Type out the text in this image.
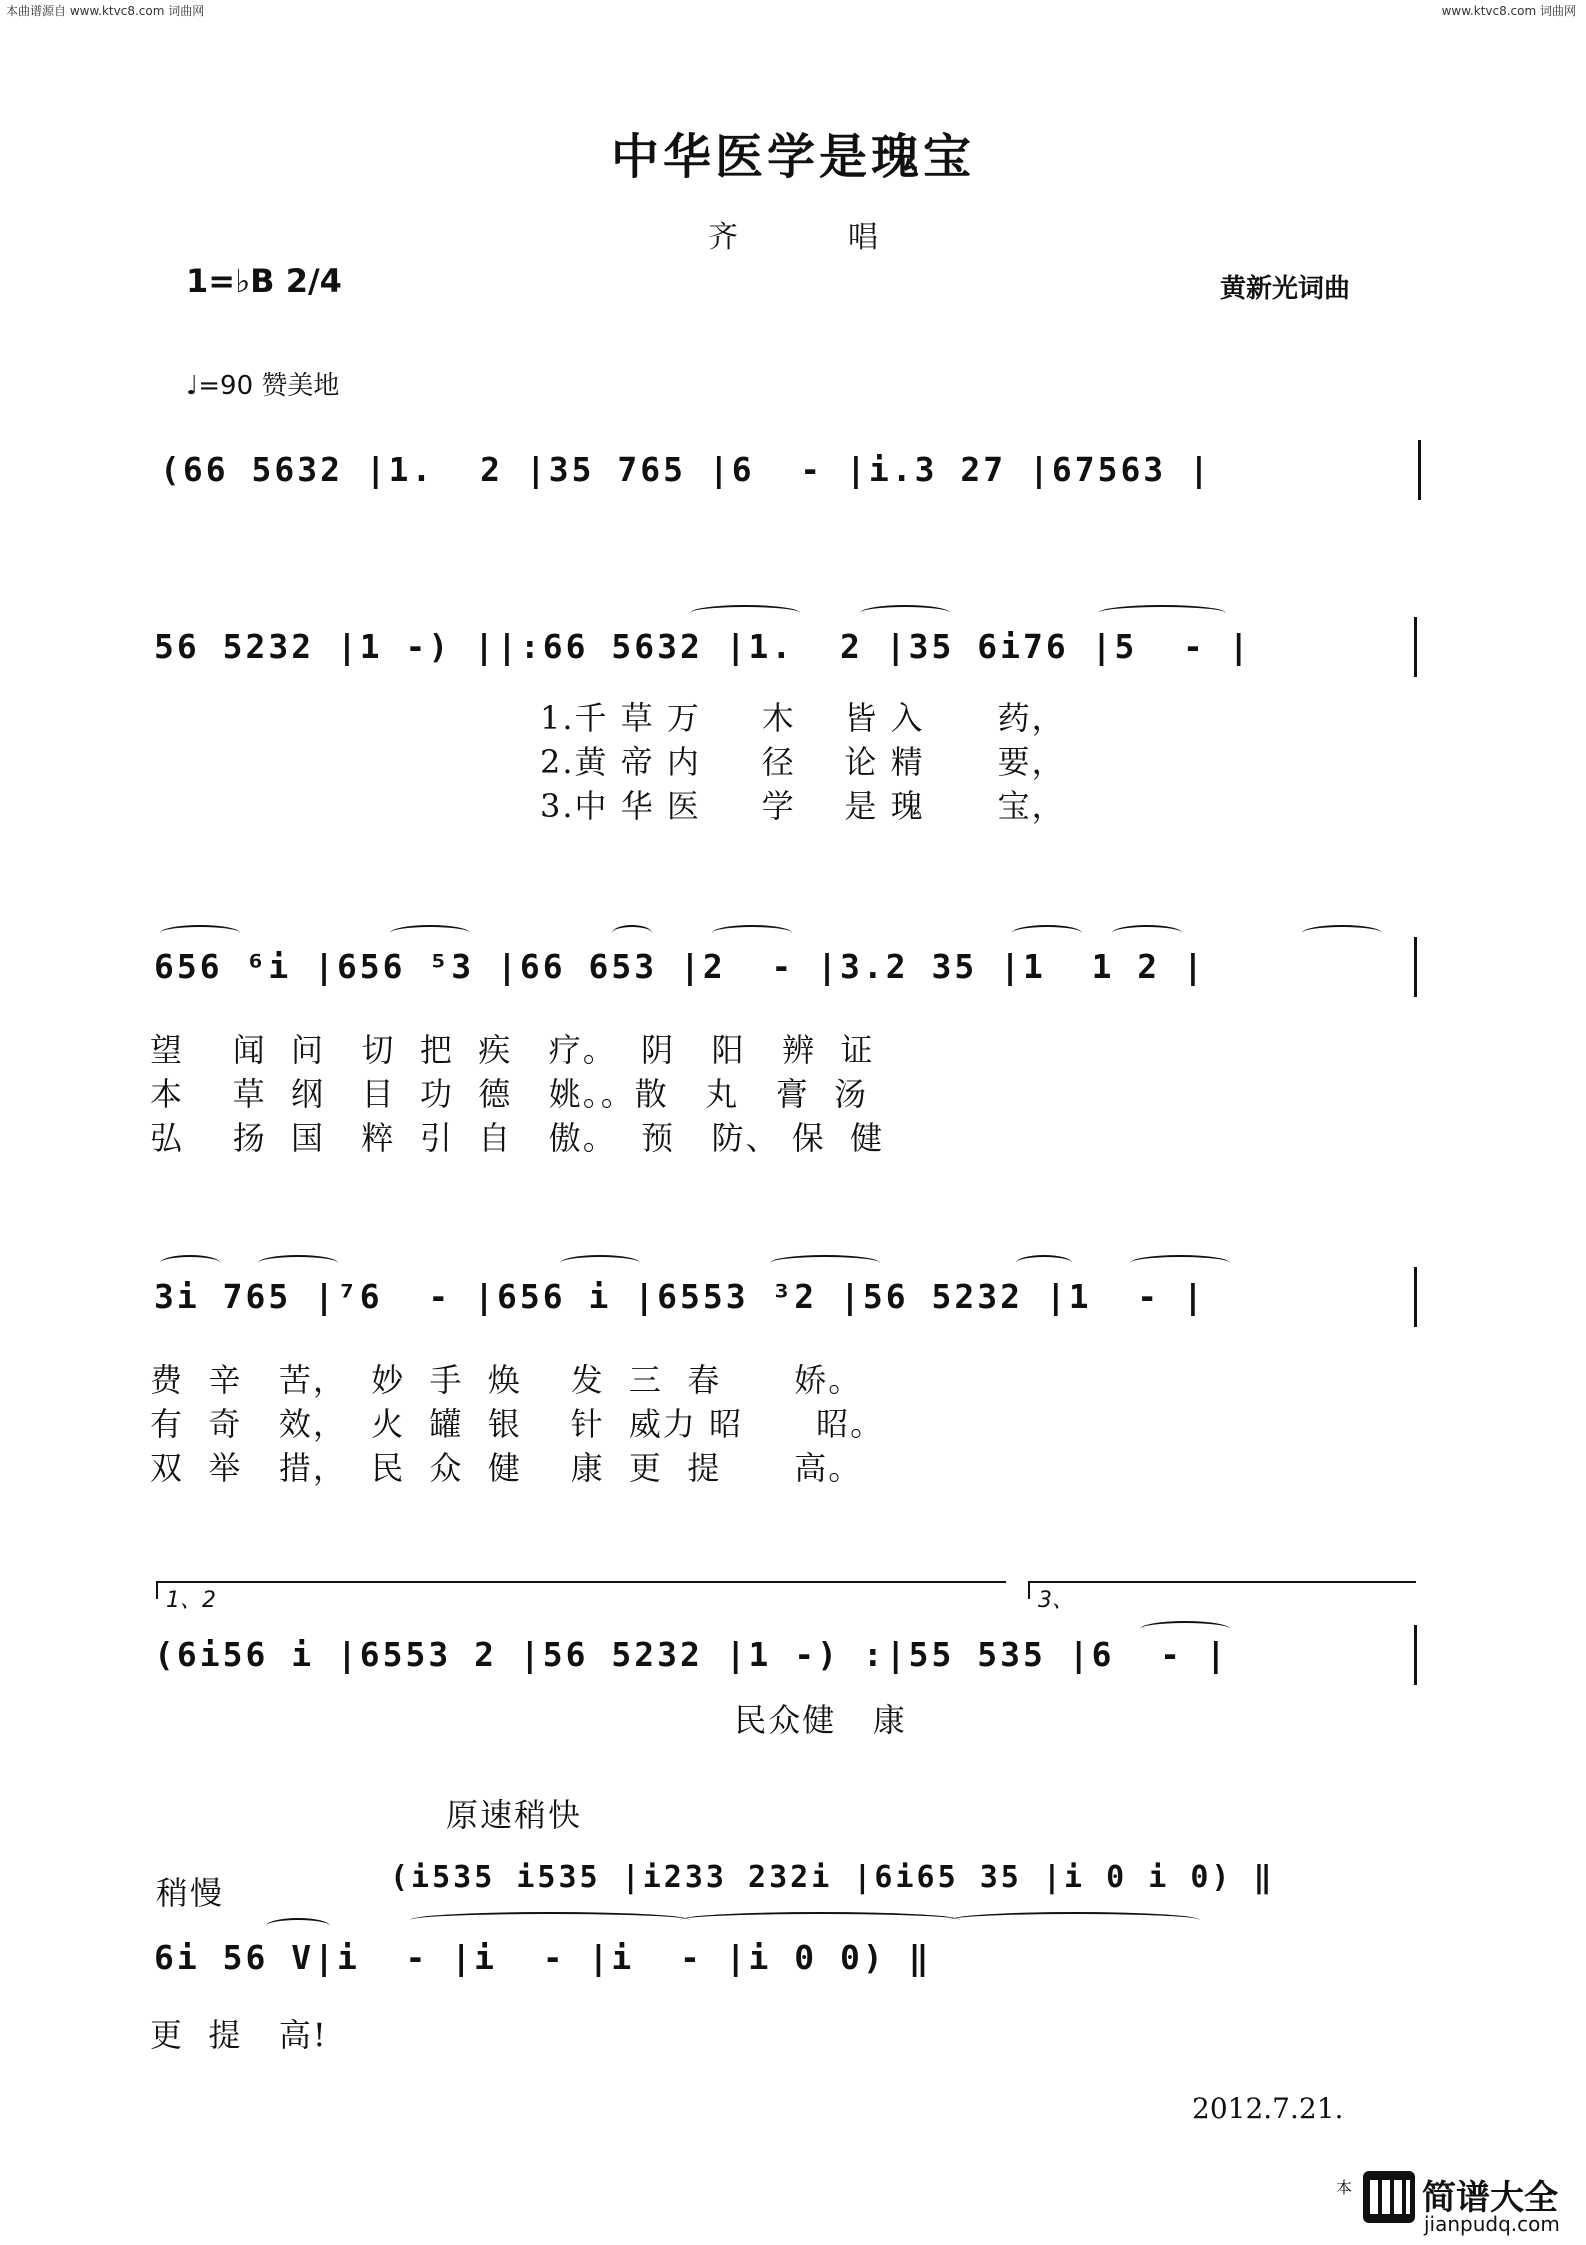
本曲谱源自 www.ktvc8.com 词曲网	www.ktvc8.com 词曲网
中华医学是瑰宝
齐唱
1=♭B 2/4	黄新光词曲
♩=90 赞美地
(66 5632 |1.  2 |35 765 |6  - |i.3 27 |67563 |
56 5232 |1 -) ||:66 5632 |1.  2 |35 6i76 |5  - |
1.千 草 万     木    皆 入      药，
2.黄 帝 内     径    论 精      要，
3.中 华 医     学    是 瑰      宝，
656 ⁶i |656 ⁵3 |66 653 |2  - |3.2 35 |1  1 2 |
望    闻  问   切  把  疾   疗。  阴   阳   辨  证
本    草  纲   目  功  德   姚。。散   丸   膏  汤
弘    扬  国   粹  引  自   傲。  预   防、 保  健
3i 765 |⁷6  - |656 i |6553 ³2 |56 5232 |1  - |
费  辛   苦，  妙  手  焕    发  三  春      娇。
有  奇   效，  火  罐  银    针  威力 昭      昭。
双  举   措，  民  众  健    康  更  提      高。
1、2	3、
(6i56 i |6553 2 |56 5232 |1 -) :|55 535 |6  - |
民众健   康
原速稍快
稍慢	(i535 i535 |i233 232i |6i65 35 |i 0 i 0) ‖
6i 56 V|i  - |i  - |i  - |i 0 0) ‖
更  提   高!
2012.7.21.
本 简谱大全
jianpudq.com
